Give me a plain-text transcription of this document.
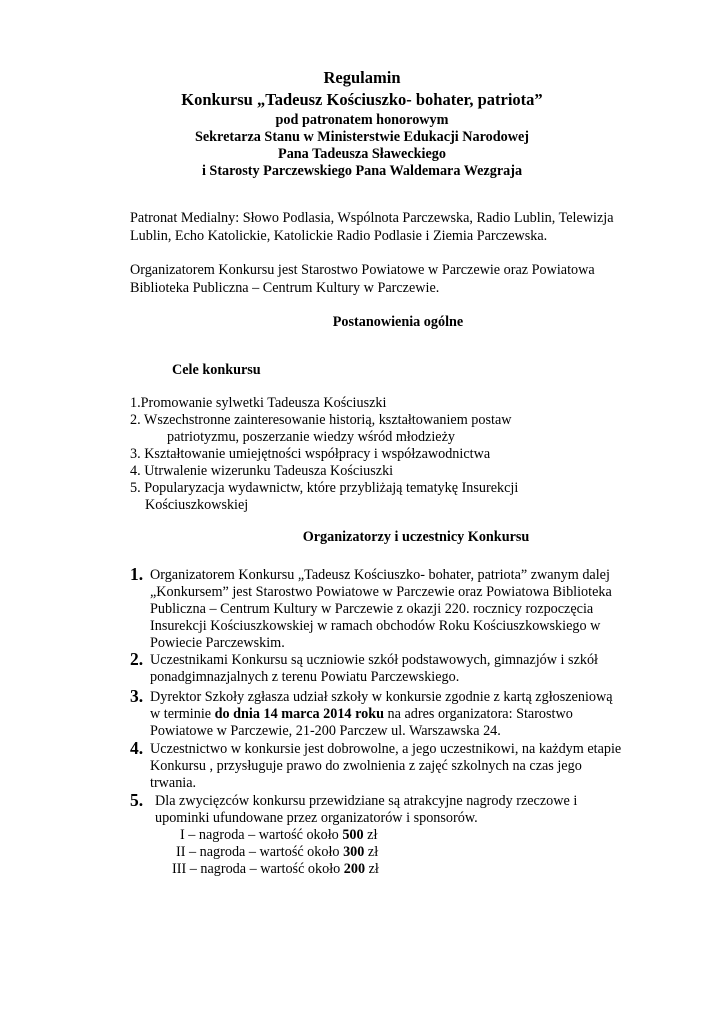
Regulamin
Konkursu „Tadeusz Kościuszko- bohater, patriota”
pod patronatem honorowym
Sekretarza Stanu w Ministerstwie Edukacji Narodowej
Pana Tadeusza Sławeckiego
i Starosty Parczewskiego Pana Waldemara Wezgraja
Patronat Medialny: Słowo Podlasia, Wspólnota Parczewska, Radio Lublin, Telewizja
Lublin, Echo Katolickie, Katolickie Radio Podlasie i Ziemia Parczewska.
Organizatorem Konkursu jest Starostwo Powiatowe w Parczewie oraz Powiatowa
Biblioteka Publiczna – Centrum Kultury w Parczewie.
Postanowienia ogólne
Cele konkursu
1.Promowanie sylwetki Tadeusza Kościuszki
2. Wszechstronne zainteresowanie historią, kształtowaniem postaw
patriotyzmu, poszerzanie wiedzy wśród młodzieży
3. Kształtowanie umiejętności współpracy i współzawodnictwa
4. Utrwalenie wizerunku Tadeusza Kościuszki
5. Popularyzacja wydawnictw, które przybliżają tematykę Insurekcji
Kościuszkowskiej
Organizatorzy i uczestnicy Konkursu
1. Organizatorem Konkursu „Tadeusz Kościuszko- bohater, patriota” zwanym dalej
„Konkursem” jest Starostwo Powiatowe w Parczewie oraz Powiatowa Biblioteka
Publiczna – Centrum Kultury w Parczewie z okazji 220. rocznicy rozpoczęcia
Insurekcji Kościuszkowskiej w ramach obchodów Roku Kościuszkowskiego w
Powiecie Parczewskim.
2. Uczestnikami Konkursu są uczniowie szkół podstawowych, gimnazjów i szkół
ponadgimnazjalnych z terenu Powiatu Parczewskiego.
3. Dyrektor Szkoły zgłasza udział szkoły w konkursie zgodnie z kartą zgłoszeniową
w terminie do dnia 14 marca 2014 roku na adres organizatora: Starostwo
Powiatowe w Parczewie, 21-200 Parczew ul. Warszawska 24.
4. Uczestnictwo w konkursie jest dobrowolne, a jego uczestnikowi, na każdym etapie
Konkursu , przysługuje prawo do zwolnienia z zajęć szkolnych na czas jego
trwania.
5. Dla zwycięzców konkursu przewidziane są atrakcyjne nagrody rzeczowe i
upominki ufundowane przez organizatorów i sponsorów.
I – nagroda – wartość około 500 zł
II – nagroda – wartość około 300 zł
III – nagroda – wartość około 200 zł
